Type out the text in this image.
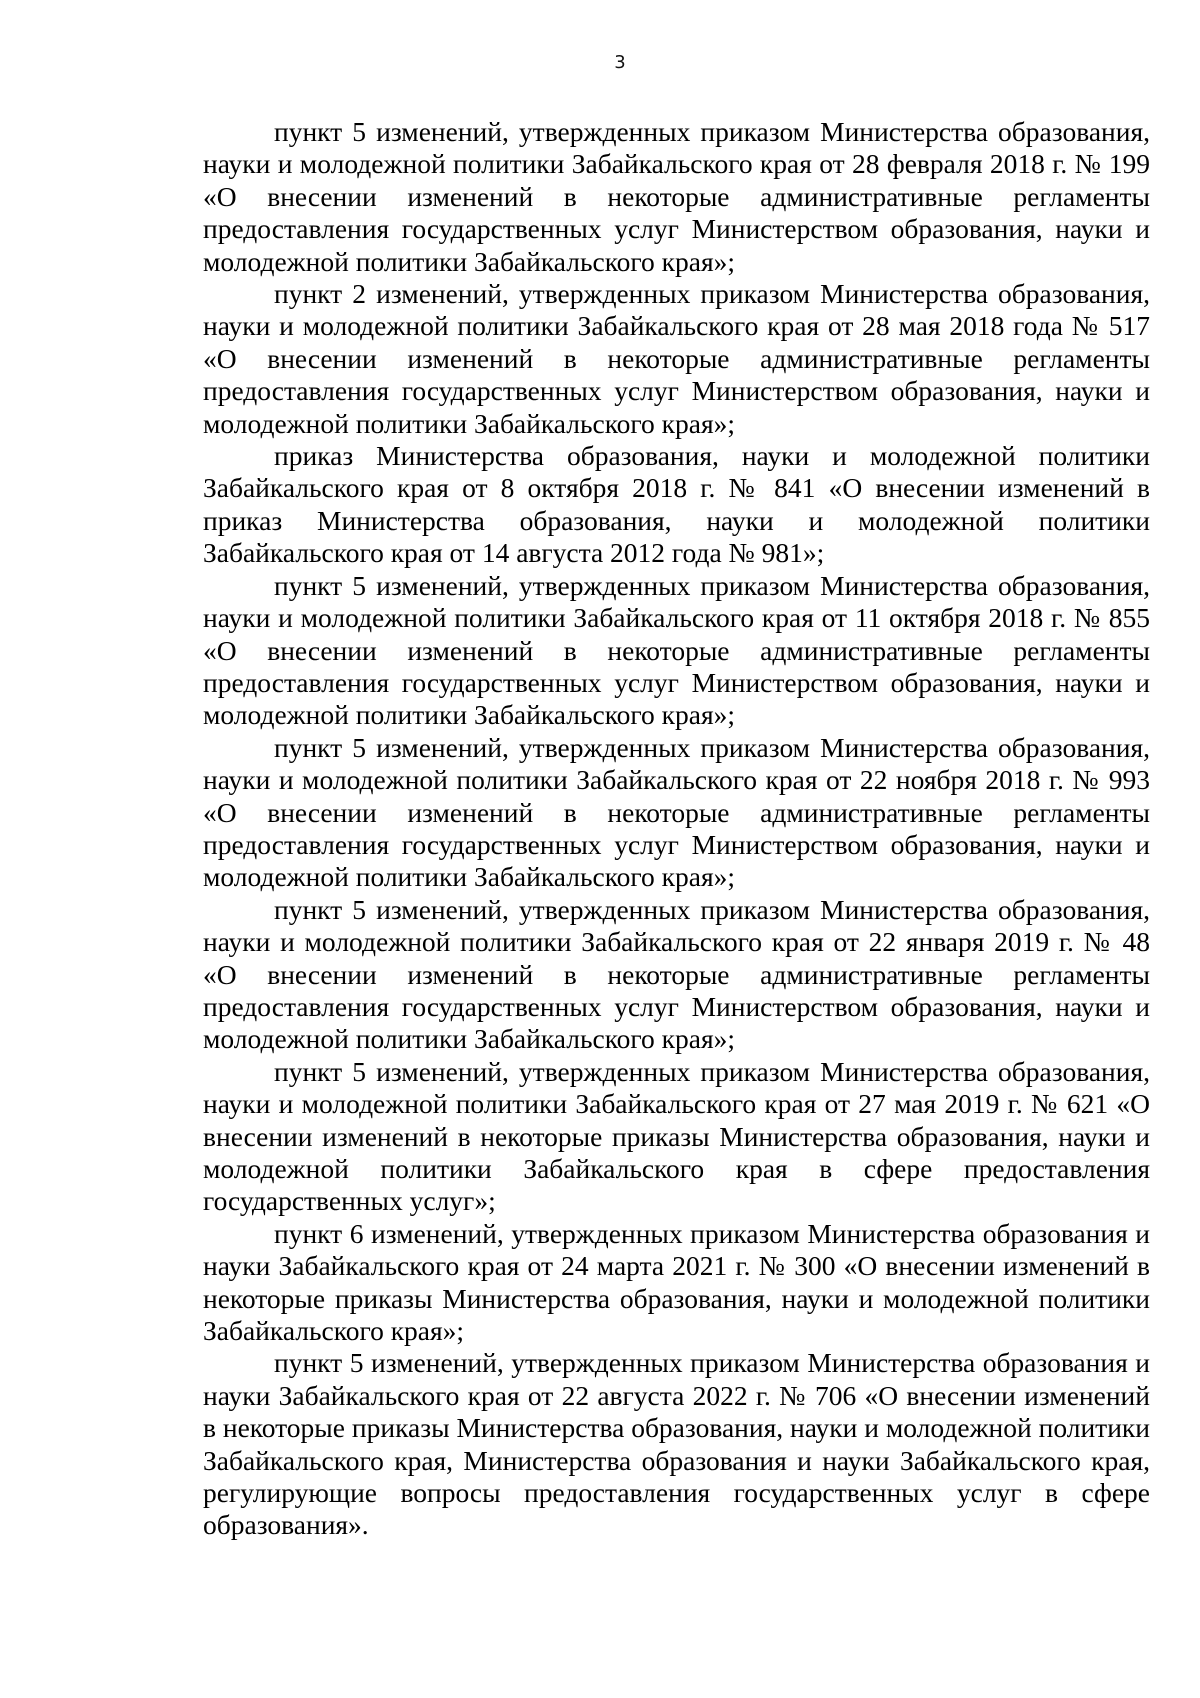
3

пункт 5 изменений, утвержденных приказом Министерства образования, науки и молодежной политики Забайкальского края от 28 февраля 2018 г. № 199 «О внесении изменений в некоторые административные регламенты предоставления государственных услуг Министерством образования, науки и молодежной политики Забайкальского края»;

пункт 2 изменений, утвержденных приказом Министерства образования, науки и молодежной политики Забайкальского края от 28 мая 2018 года № 517 «О внесении изменений в некоторые административные регламенты предоставления государственных услуг Министерством образования, науки и молодежной политики Забайкальского края»;

приказ Министерства образования, науки и молодежной политики Забайкальского края от 8 октября 2018 г. № 841 «О внесении изменений в приказ Министерства образования, науки и молодежной политики Забайкальского края от 14 августа 2012 года № 981»;

пункт 5 изменений, утвержденных приказом Министерства образования, науки и молодежной политики Забайкальского края от 11 октября 2018 г. № 855 «О внесении изменений в некоторые административные регламенты предоставления государственных услуг Министерством образования, науки и молодежной политики Забайкальского края»;

пункт 5 изменений, утвержденных приказом Министерства образования, науки и молодежной политики Забайкальского края от 22 ноября 2018 г. № 993 «О внесении изменений в некоторые административные регламенты предоставления государственных услуг Министерством образования, науки и молодежной политики Забайкальского края»;

пункт 5 изменений, утвержденных приказом Министерства образования, науки и молодежной политики Забайкальского края от 22 января 2019 г. № 48 «О внесении изменений в некоторые административные регламенты предоставления государственных услуг Министерством образования, науки и молодежной политики Забайкальского края»;

пункт 5 изменений, утвержденных приказом Министерства образования, науки и молодежной политики Забайкальского края от 27 мая 2019 г. № 621 «О внесении изменений в некоторые приказы Министерства образования, науки и молодежной политики Забайкальского края в сфере предоставления государственных услуг»;

пункт 6 изменений, утвержденных приказом Министерства образования и науки Забайкальского края от 24 марта 2021 г. № 300 «О внесении изменений в некоторые приказы Министерства образования, науки и молодежной политики Забайкальского края»;

пункт 5 изменений, утвержденных приказом Министерства образования и науки Забайкальского края от 22 августа 2022 г. № 706 «О внесении изменений в некоторые приказы Министерства образования, науки и молодежной политики Забайкальского края, Министерства образования и науки Забайкальского края, регулирующие вопросы предоставления государственных услуг в сфере образования».
